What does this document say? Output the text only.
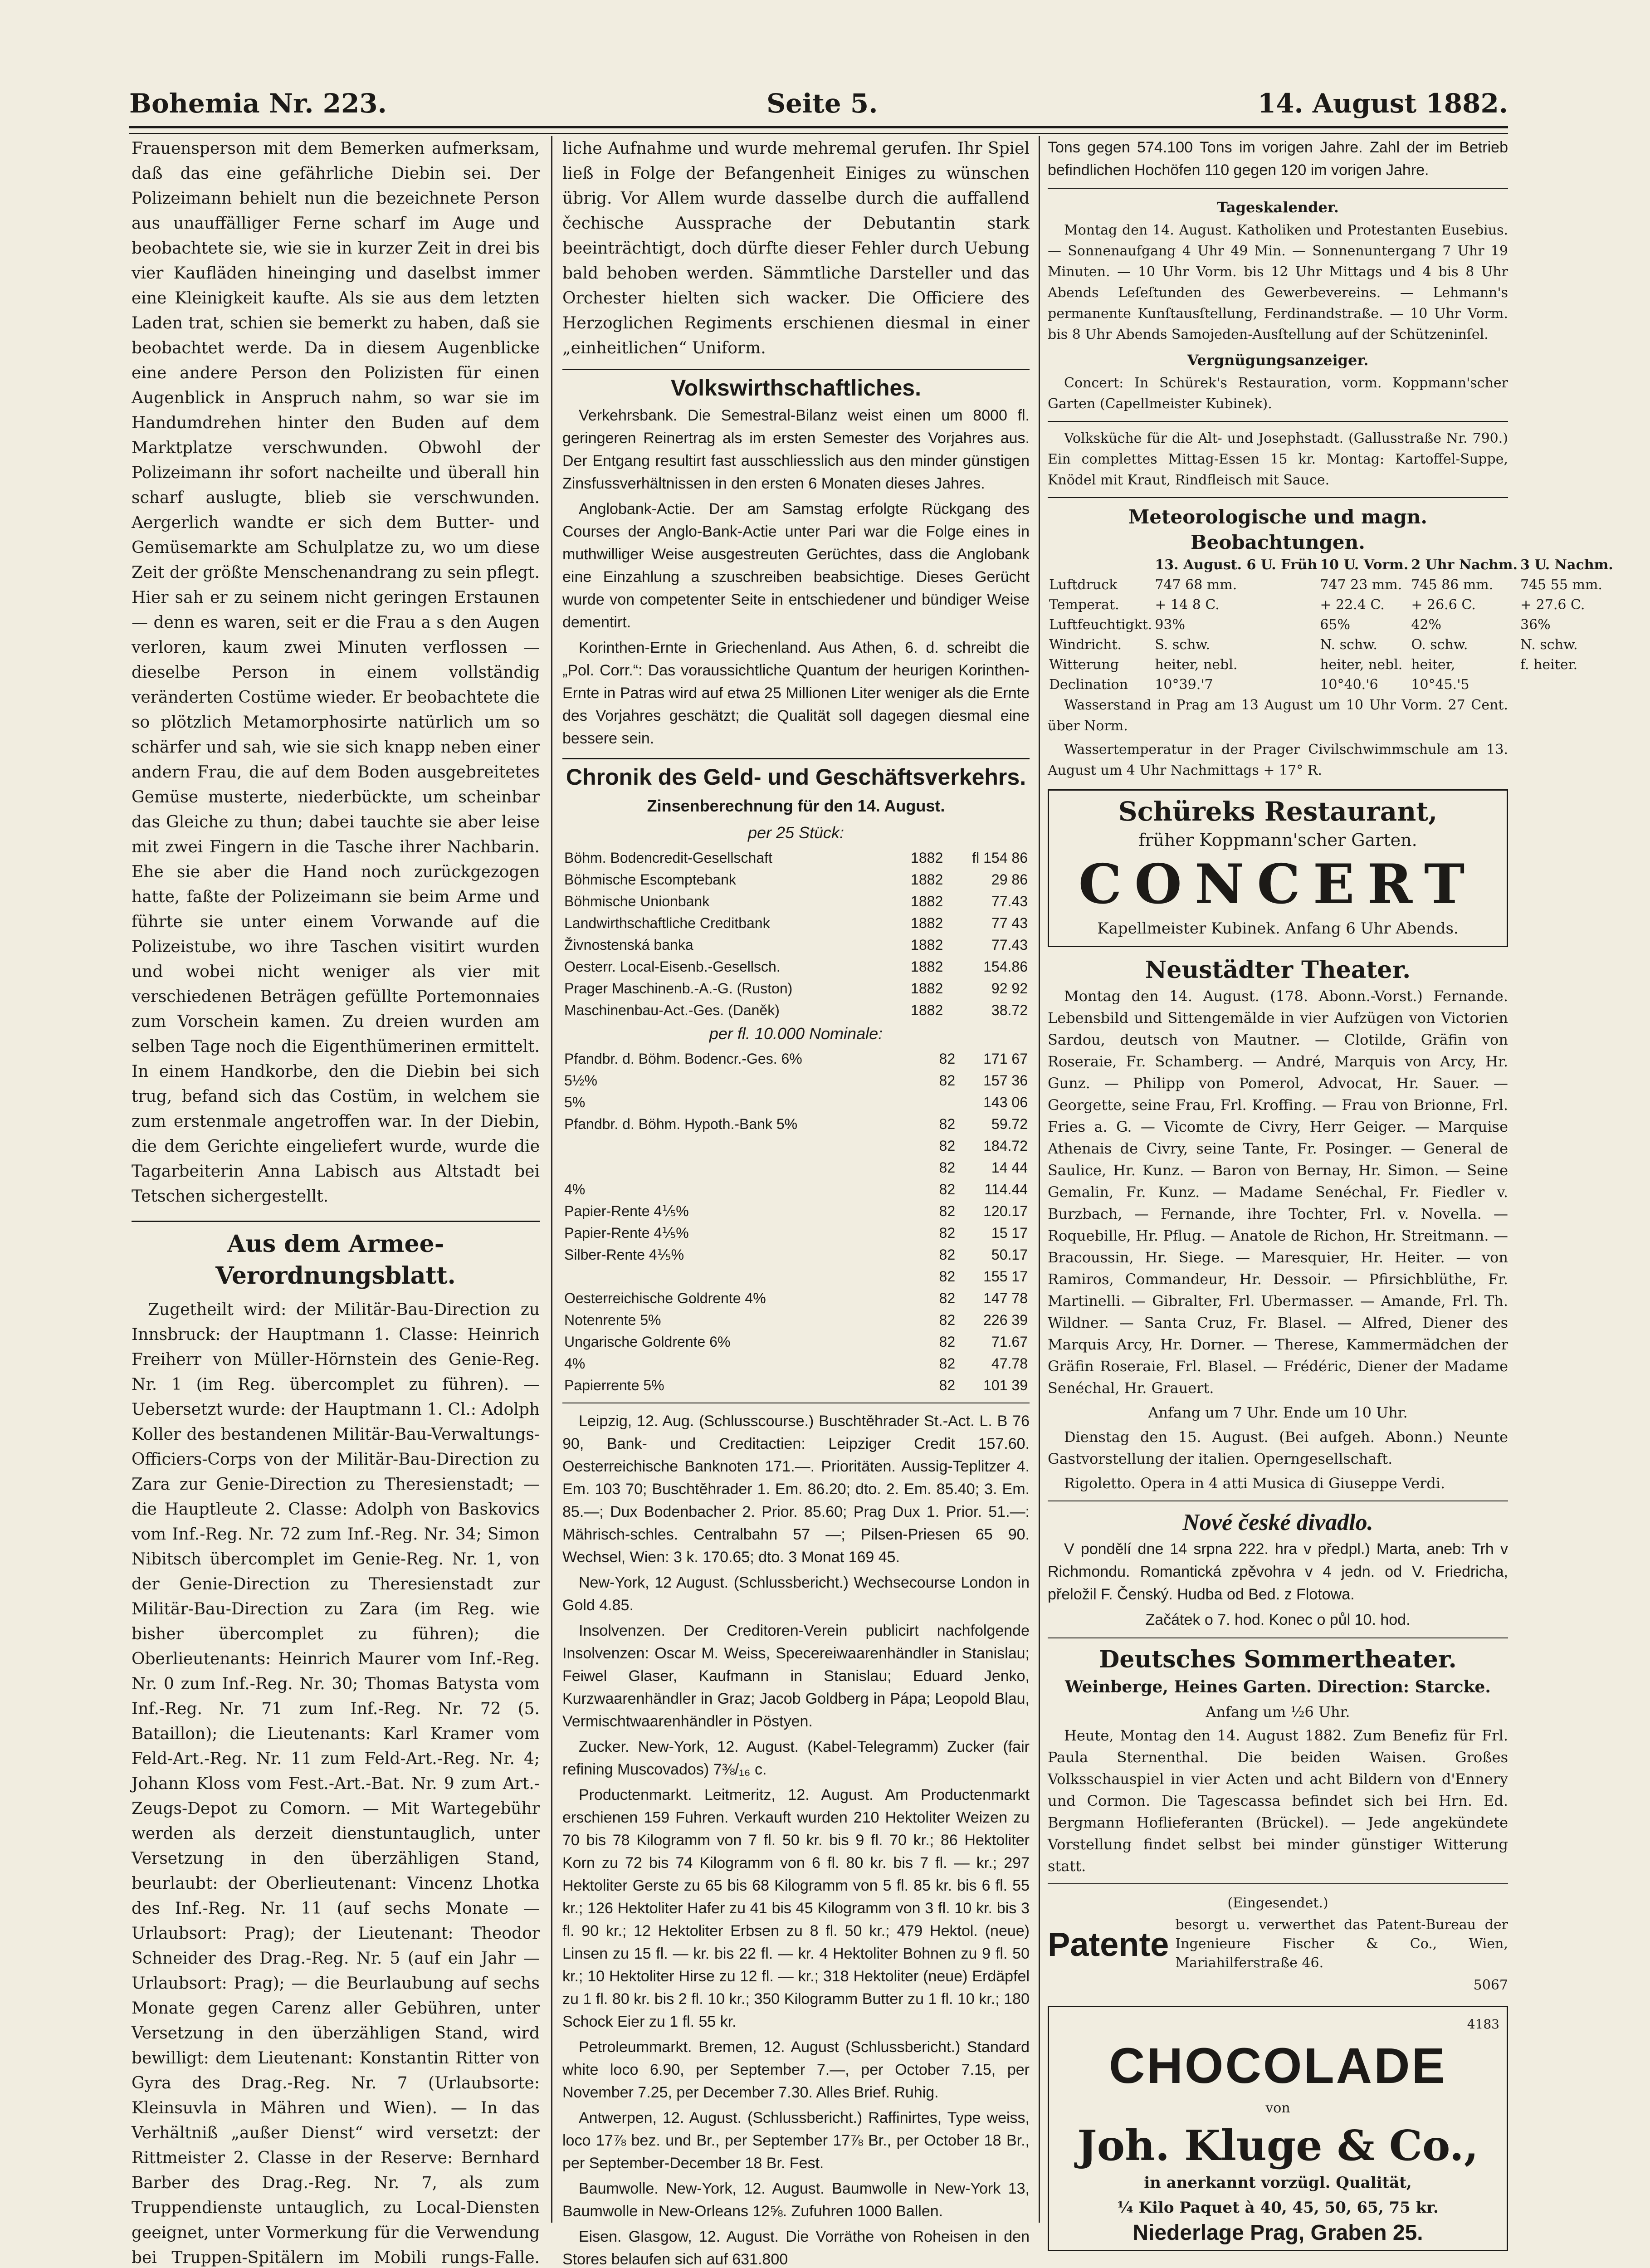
Bohemia Nr. 223.	Seite 5.	14. August 1882.

Frauensperson mit dem Bemerken aufmerksam, daß das eine gefährliche Diebin sei. Der Polizeimann behielt nun die bezeichnete Person aus unauffälliger Ferne scharf im Auge und beobachtete sie, wie sie in kurzer Zeit in drei bis vier Kaufläden hineinging und daselbst immer eine Kleinigkeit kaufte. Als sie aus dem letzten Laden trat, schien sie bemerkt zu haben, daß sie beobachtet werde. Da in diesem Augenblicke eine andere Person den Polizisten für einen Augenblick in Anspruch nahm, so war sie im Handumdrehen hinter den Buden auf dem Marktplatze verschwunden. Obwohl der Polizeimann ihr sofort nacheilte und überall hin scharf auslugte, blieb sie verschwunden. Aergerlich wandte er sich dem Butter- und Gemüsemarkte am Schulplatze zu, wo um diese Zeit der größte Menschenandrang zu sein pflegt. Hier sah er zu seinem nicht geringen Erstaunen — denn es waren, seit er die Frau a s den Augen verloren, kaum zwei Minuten verflossen — dieselbe Person in einem vollständig veränderten Costüme wieder. Er beobachtete die so plötzlich Metamorphosirte natürlich um so schärfer und sah, wie sie sich knapp neben einer andern Frau, die auf dem Boden ausgebreitetes Gemüse musterte, niederbückte, um scheinbar das Gleiche zu thun; dabei tauchte sie aber leise mit zwei Fingern in die Tasche ihrer Nachbarin. Ehe sie aber die Hand noch zurückgezogen hatte, faßte der Polizeimann sie beim Arme und führte sie unter einem Vorwande auf die Polizeistube, wo ihre Taschen visitirt wurden und wobei nicht weniger als vier mit verschiedenen Beträgen gefüllte Portemonnaies zum Vorschein kamen. Zu dreien wurden am selben Tage noch die Eigenthümerinen ermittelt. In einem Handkorbe, den die Diebin bei sich trug, befand sich das Costüm, in welchem sie zum erstenmale angetroffen war. In der Diebin, die dem Gerichte eingeliefert wurde, wurde die Tagarbeiterin Anna Labisch aus Altstadt bei Tetschen sichergestellt.

Aus dem Armee-Verordnungsblatt.

Zugetheilt wird: der Militär-Bau-Direction zu Innsbruck: der Hauptmann 1. Classe: Heinrich Freiherr von Müller-Hörnstein des Genie-Reg. Nr. 1 (im Reg. übercomplet zu führen). — Uebersetzt wurde: der Hauptmann 1. Cl.: Adolph Koller des bestandenen Militär-Bau-Verwaltungs-Officiers-Corps von der Militär-Bau-Direction zu Zara zur Genie-Direction zu Theresienstadt; — die Hauptleute 2. Classe: Adolph von Baskovics vom Inf.-Reg. Nr. 72 zum Inf.-Reg. Nr. 34; Simon Nibitsch übercomplet im Genie-Reg. Nr. 1, von der Genie-Direction zu Theresienstadt zur Militär-Bau-Direction zu Zara (im Reg. wie bisher übercomplet zu führen); die Oberlieutenants: Heinrich Maurer vom Inf.-Reg. Nr. 0 zum Inf.-Reg. Nr. 30; Thomas Batysta vom Inf.-Reg. Nr. 71 zum Inf.-Reg. Nr. 72 (5. Bataillon); die Lieutenants: Karl Kramer vom Feld-Art.-Reg. Nr. 11 zum Feld-Art.-Reg. Nr. 4; Johann Kloss vom Fest.-Art.-Bat. Nr. 9 zum Art.-Zeugs-Depot zu Comorn. — Mit Wartegebühr werden als derzeit dienstuntauglich, unter Versetzung in den überzähligen Stand, beurlaubt: der Oberlieutenant: Vincenz Lhotka des Inf.-Reg. Nr. 11 (auf sechs Monate — Urlaubsort: Prag); der Lieutenant: Theodor Schneider des Drag.-Reg. Nr. 5 (auf ein Jahr — Urlaubsort: Prag); — die Beurlaubung auf sechs Monate gegen Carenz aller Gebühren, unter Versetzung in den überzähligen Stand, wird bewilligt: dem Lieutenant: Konstantin Ritter von Gyra des Drag.-Reg. Nr. 7 (Urlaubsorte: Kleinsuvla in Mähren und Wien). — In das Verhältniß „außer Dienst“ wird versetzt: der Rittmeister 2. Classe in der Reserve: Bernhard Barber des Drag.-Reg. Nr. 7, als zum Truppendienste untauglich, zu Local-Diensten geeignet, unter Vormerkung für die Verwendung bei Truppen-Spitälern im Mobili rungs-Falle.

liche Aufnahme und wurde mehremal gerufen. Ihr Spiel ließ in Folge der Befangenheit Einiges zu wünschen übrig. Vor Allem wurde dasselbe durch die auffallend čechische Aussprache der Debutantin stark beeinträchtigt, doch dürfte dieser Fehler durch Uebung bald behoben werden. Sämmtliche Darsteller und das Orchester hielten sich wacker. Die Officiere des Herzoglichen Regiments erschienen diesmal in einer „einheitlichen“ Uniform.

Volkswirthschaftliches.

Verkehrsbank. Die Semestral-Bilanz weist einen um 8000 fl. geringeren Reinertrag als im ersten Semester des Vorjahres aus. Der Entgang resultirt fast ausschliesslich aus den minder günstigen Zinsfussverhältnissen in den ersten 6 Monaten dieses Jahres.

Anglobank-Actie. Der am Samstag erfolgte Rückgang des Courses der Anglo-Bank-Actie unter Pari war die Folge eines in muthwilliger Weise ausgestreuten Gerüchtes, dass die Anglobank eine Einzahlung a szuschreiben beabsichtige. Dieses Gerücht wurde von competenter Seite in entschiedener und bündiger Weise dementirt.

Korinthen-Ernte in Griechenland. Aus Athen, 6. d. schreibt die „Pol. Corr.“: Das voraussichtliche Quantum der heurigen Korinthen-Ernte in Patras wird auf etwa 25 Millionen Liter weniger als die Ernte des Vorjahres geschätzt; die Qualität soll dagegen diesmal eine bessere sein.

Chronik des Geld- und Geschäftsverkehrs.
Zinsenberechnung für den 14. August.
per 25 Stück:
Böhm. Bodencredit-Gesellschaft	1882	fl 154 86
Böhmische Escomptebank	1882	29 86
Böhmische Unionbank	1882	77.43
Landwirthschaftliche Creditbank	1882	77 43
Živnostenská banka	1882	77.43
Oesterr. Local-Eisenb.-Gesellsch.	1882	154.86
Prager Maschinenb.-A.-G. (Ruston)	1882	92 92
Maschinenbau-Act.-Ges. (Daněk)	1882	38.72
per fl. 10.000 Nominale:
Pfandbr. d. Böhm. Bodencr.-Ges. 6%	82	171 67
5½%	82	157 36
5%		143 06
Pfandbr. d. Böhm. Hypoth.-Bank 5%	82	59.72
	82	184.72
	82	14 44
4%	82	114.44
Papier-Rente 4⅕%	82	120.17
Papier-Rente 4⅕%	82	15 17
Silber-Rente 4⅕%	82	50.17
	82	155 17
Oesterreichische Goldrente 4%	82	147 78
Notenrente 5%	82	226 39
Ungarische Goldrente 6%	82	71.67
4%	82	47.78
Papierrente 5%	82	101 39

Leipzig, 12. Aug. (Schlusscourse.) Buschtěhrader St.-Act. L. B 76 90, Bank- und Creditactien: Leipziger Credit 157.60. Oesterreichische Banknoten 171.—. Prioritäten. Aussig-Teplitzer 4. Em. 103 70; Buschtěhrader 1. Em. 86.20; dto. 2. Em. 85.40; 3. Em. 85.—; Dux Bodenbacher 2. Prior. 85.60; Prag Dux 1. Prior. 51.—: Mährisch-schles. Centralbahn 57 —; Pilsen-Priesen 65 90. Wechsel, Wien: 3 k. 170.65; dto. 3 Monat 169 45.

New-York, 12 August. (Schlussbericht.) Wechsecourse London in Gold 4.85.

Insolvenzen. Der Creditoren-Verein publicirt nachfolgende Insolvenzen: Oscar M. Weiss, Specereiwaarenhändler in Stanislau; Feiwel Glaser, Kaufmann in Stanislau; Eduard Jenko, Kurzwaarenhändler in Graz; Jacob Goldberg in Pápa; Leopold Blau, Vermischtwaarenhändler in Pöstyen.

Zucker. New-York, 12. August. (Kabel-Telegramm) Zucker (fair refining Muscovados) 7⅜/₁₆ c.

Productenmarkt. Leitmeritz, 12. August. Am Productenmarkt erschienen 159 Fuhren. Verkauft wurden 210 Hektoliter Weizen zu 70 bis 78 Kilogramm von 7 fl. 50 kr. bis 9 fl. 70 kr.; 86 Hektoliter Korn zu 72 bis 74 Kilogramm von 6 fl. 80 kr. bis 7 fl. — kr.; 297 Hektoliter Gerste zu 65 bis 68 Kilogramm von 5 fl. 85 kr. bis 6 fl. 55 kr.; 126 Hektoliter Hafer zu 41 bis 45 Kilogramm von 3 fl. 10 kr. bis 3 fl. 90 kr.; 12 Hektoliter Erbsen zu 8 fl. 50 kr.; 479 Hektol. (neue) Linsen zu 15 fl. — kr. bis 22 fl. — kr. 4 Hektoliter Bohnen zu 9 fl. 50 kr.; 10 Hektoliter Hirse zu 12 fl. — kr.; 318 Hektoliter (neue) Erdäpfel zu 1 fl. 80 kr. bis 2 fl. 10 kr.; 350 Kilogramm Butter zu 1 fl. 10 kr.; 180 Schock Eier zu 1 fl. 55 kr.

Petroleummarkt. Bremen, 12. August (Schlussbericht.) Standard white loco 6.90, per September 7.—, per October 7.15, per November 7.25, per December 7.30. Alles Brief. Ruhig.

Antwerpen, 12. August. (Schlussbericht.) Raffinirtes, Type weiss, loco 17⅞ bez. und Br., per September 17⅞ Br., per October 18 Br., per September-December 18 Br. Fest.

Baumwolle. New-York, 12. August. Baumwolle in New-York 13, Baumwolle in New-Orleans 12⅝. Zufuhren 1000 Ballen.

Eisen. Glasgow, 12. August. Die Vorräthe von Roheisen in den Stores belaufen sich auf 631.800

Tons gegen 574.100 Tons im vorigen Jahre. Zahl der im Betrieb befindlichen Hochöfen 110 gegen 120 im vorigen Jahre.

Tageskalender.

Montag den 14. August. Katholiken und Protestanten Eusebius. — Sonnenaufgang 4 Uhr 49 Min. — Sonnenuntergang 7 Uhr 19 Minuten. — 10 Uhr Vorm. bis 12 Uhr Mittags und 4 bis 8 Uhr Abends Leſeſtunden des Gewerbevereins. — Lehmann's permanente Kunſtausſtellung, Ferdinandstraße. — 10 Uhr Vorm. bis 8 Uhr Abends Samojeden-Ausſtellung auf der Schützeninſel.

Vergnügungsanzeiger.

Concert: In Schürek's Restauration, vorm. Koppmann'scher Garten (Capellmeister Kubinek).

Volksküche für die Alt- und Josephstadt. (Gallusstraße Nr. 790.) Ein complettes Mittag-Essen 15 kr. Montag: Kartoffel-Suppe, Knödel mit Kraut, Rindfleisch mit Sauce.

Meteorologische und magn. Beobachtungen.
	13. August. 6 U. Früh	10 U. Vorm.	2 Uhr Nachm.	3 U. Nachm.
Luftdruck	747 68 mm.	747 23 mm.	745 86 mm.	745 55 mm.
Temperat.	+ 14 8 C.	+ 22.4 C.	+ 26.6 C.	+ 27.6 C.
Luftfeuchtigkt.	93%	65%	42%	36%
Windricht.	S. schw.	N. schw.	O. schw.	N. schw.
Witterung	heiter, nebl.	heiter, nebl.	heiter,	f. heiter.
Declination	10°39.'7	10°40.'6	10°45.'5	

Wasserstand in Prag am 13 August um 10 Uhr Vorm. 27 Cent. über Norm.

Wassertemperatur in der Prager Civilschwimmschule am 13. August um 4 Uhr Nachmittags + 17° R.

Schüreks Restaurant,
früher Koppmann'scher Garten.
CONCERT
Kapellmeister Kubinek. Anfang 6 Uhr Abends.
Neustädter Theater.

Montag den 14. August. (178. Abonn.-Vorst.) Fernande. Lebensbild und Sittengemälde in vier Aufzügen von Victorien Sardou, deutsch von Mautner. — Clotilde, Gräfin von Roseraie, Fr. Schamberg. — André, Marquis von Arcy, Hr. Gunz. — Philipp von Pomerol, Advocat, Hr. Sauer. — Georgette, seine Frau, Frl. Kroffing. — Frau von Brionne, Frl. Fries a. G. — Vicomte de Civry, Herr Geiger. — Marquise Athenais de Civry, seine Tante, Fr. Posinger. — General de Saulice, Hr. Kunz. — Baron von Bernay, Hr. Simon. — Seine Gemalin, Fr. Kunz. — Madame Senéchal, Fr. Fiedler v. Burzbach, — Fernande, ihre Tochter, Frl. v. Novella. — Roquebille, Hr. Pflug. — Anatole de Richon, Hr. Streitmann. — Bracoussin, Hr. Siege. — Maresquier, Hr. Heiter. — von Ramiros, Commandeur, Hr. Dessoir. — Pfirsichblüthe, Fr. Martinelli. — Gibralter, Frl. Ubermasser. — Amande, Frl. Th. Wildner. — Santa Cruz, Fr. Blasel. — Alfred, Diener des Marquis Arcy, Hr. Dorner. — Therese, Kammermädchen der Gräfin Roseraie, Frl. Blasel. — Frédéric, Diener der Madame Senéchal, Hr. Grauert.

Anfang um 7 Uhr. Ende um 10 Uhr.

Dienstag den 15. August. (Bei aufgeh. Abonn.) Neunte Gastvorstellung der italien. Operngesellschaft.

Rigoletto. Opera in 4 atti Musica di Giuseppe Verdi.

Nové české divadlo.

V pondělí dne 14 srpna 222. hra v předpl.) Marta, aneb: Trh v Richmondu. Romantická zpěvohra v 4 jedn. od V. Friedricha, přeložil F. Čenský. Hudba od Bed. z Flotowa.

Začátek o 7. hod. Konec o půl 10. hod.

Deutsches Sommertheater.
Weinberge, Heines Garten. Direction: Starcke.
Anfang um ½6 Uhr.

Heute, Montag den 14. August 1882. Zum Benefiz für Frl. Paula Sternenthal. Die beiden Waisen. Großes Volksschauspiel in vier Acten und acht Bildern von d'Ennery und Cormon. Die Tagescassa befindet sich bei Hrn. Ed. Bergmann Hoflieferanten (Brückel). — Jede angekündete Vorstellung findet selbst bei minder günstiger Witterung statt.

(Eingesendet.)
Patente
besorgt u. verwerthet das Patent-Bureau der Ingenieure Fischer & Co., Wien, Mariahilferstraße 46.
5067
4183
CHOCOLADE
von
Joh. Kluge & Co.,
in anerkannt vorzügl. Qualität,
¼ Kilo Paquet à 40, 45, 50, 65, 75 kr.
Niederlage Prag, Graben 25.
